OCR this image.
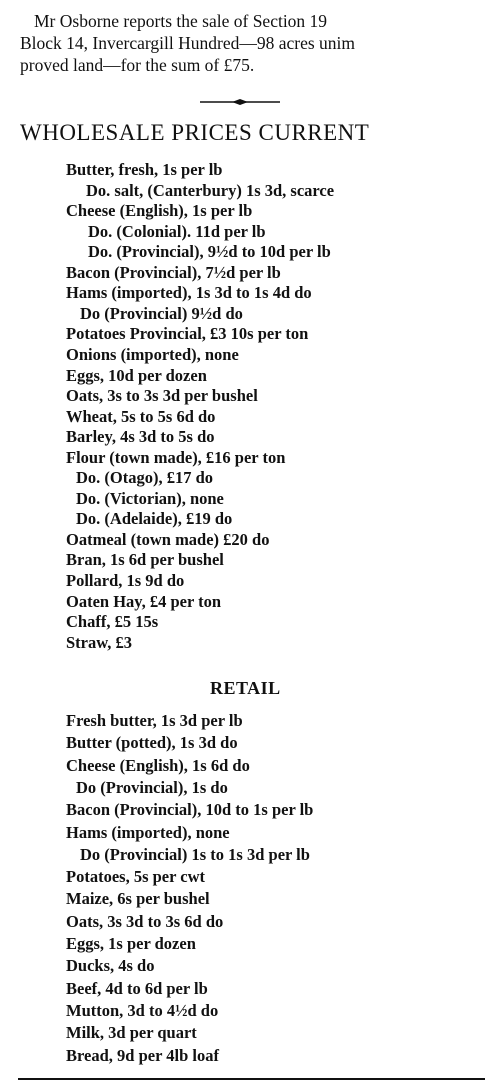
Mr Osborne reports the sale of Section 19
Block 14, Invercargill Hundred—98 acres unim
proved land—for the sum of £75.
WHOLESALE PRICES CURRENT
Butter, fresh, 1s per lb
Do. salt, (Canterbury) 1s 3d, scarce
Cheese (English), 1s per lb
Do. (Colonial). 11d per lb
Do. (Provincial), 9½d to 10d per lb
Bacon (Provincial), 7½d per lb
Hams (imported), 1s 3d to 1s 4d do
Do (Provincial) 9½d do
Potatoes Provincial, £3 10s per ton
Onions (imported), none
Eggs, 10d per dozen
Oats, 3s to 3s 3d per bushel
Wheat, 5s to 5s 6d do
Barley, 4s 3d to 5s do
Flour (town made), £16 per ton
Do. (Otago), £17 do
Do. (Victorian), none
Do. (Adelaide), £19 do
Oatmeal (town made) £20 do
Bran, 1s 6d per bushel
Pollard, 1s 9d do
Oaten Hay, £4 per ton
Chaff, £5 15s
Straw, £3
RETAIL
Fresh butter, 1s 3d per lb
Butter (potted), 1s 3d do
Cheese (English), 1s 6d do
Do (Provincial), 1s do
Bacon (Provincial), 10d to 1s per lb
Hams (imported), none
Do (Provincial) 1s to 1s 3d per lb
Potatoes, 5s per cwt
Maize, 6s per bushel
Oats, 3s 3d to 3s 6d do
Eggs, 1s per dozen
Ducks, 4s do
Beef, 4d to 6d per lb
Mutton, 3d to 4½d do
Milk, 3d per quart
Bread, 9d per 4lb loaf
